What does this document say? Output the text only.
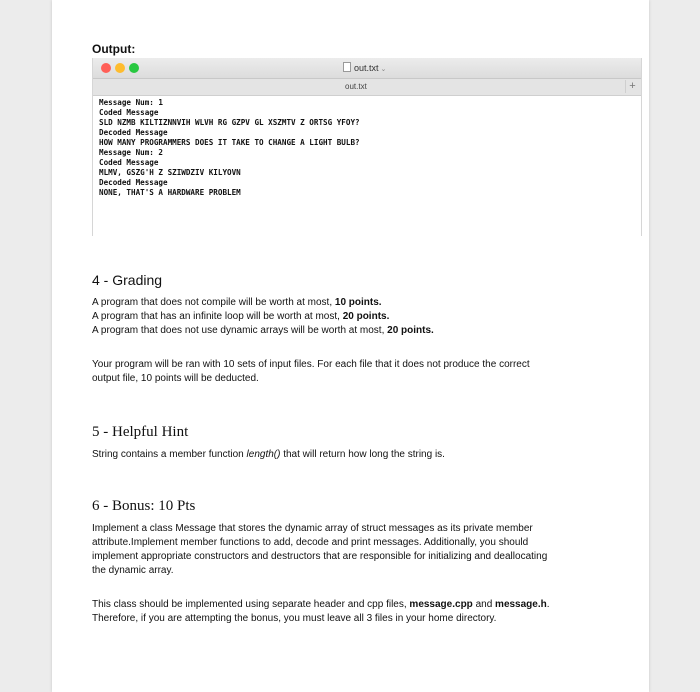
Output:
out.txt ⌄
out.txt	+
Message Num: 1
Coded Message
SLD NZMB KILTIZNNVIH WLVH RG GZPV GL XSZMTV Z ORTSG YFOY?
Decoded Message
HOW MANY PROGRAMMERS DOES IT TAKE TO CHANGE A LIGHT BULB?
Message Num: 2
Coded Message
MLMV, GSZG'H Z SZIWDZIV KILYOVN
Decoded Message
NONE, THAT'S A HARDWARE PROBLEM
4 - Grading
A program that does not compile will be worth at most, 10 points.
A program that has an infinite loop will be worth at most, 20 points.
A program that does not use dynamic arrays will be worth at most, 20 points.
Your program will be ran with 10 sets of input files. For each file that it does not produce the correct
output file, 10 points will be deducted.
5 - Helpful Hint
String contains a member function length() that will return how long the string is.
6 - Bonus: 10 Pts
Implement a class Message that stores the dynamic array of struct messages as its private member
attribute.Implement member functions to add, decode and print messages. Additionally, you should
implement appropriate constructors and destructors that are responsible for initializing and deallocating
the dynamic array.
This class should be implemented using separate header and cpp files, message.cpp and message.h.
Therefore, if you are attempting the bonus, you must leave all 3 files in your home directory.
